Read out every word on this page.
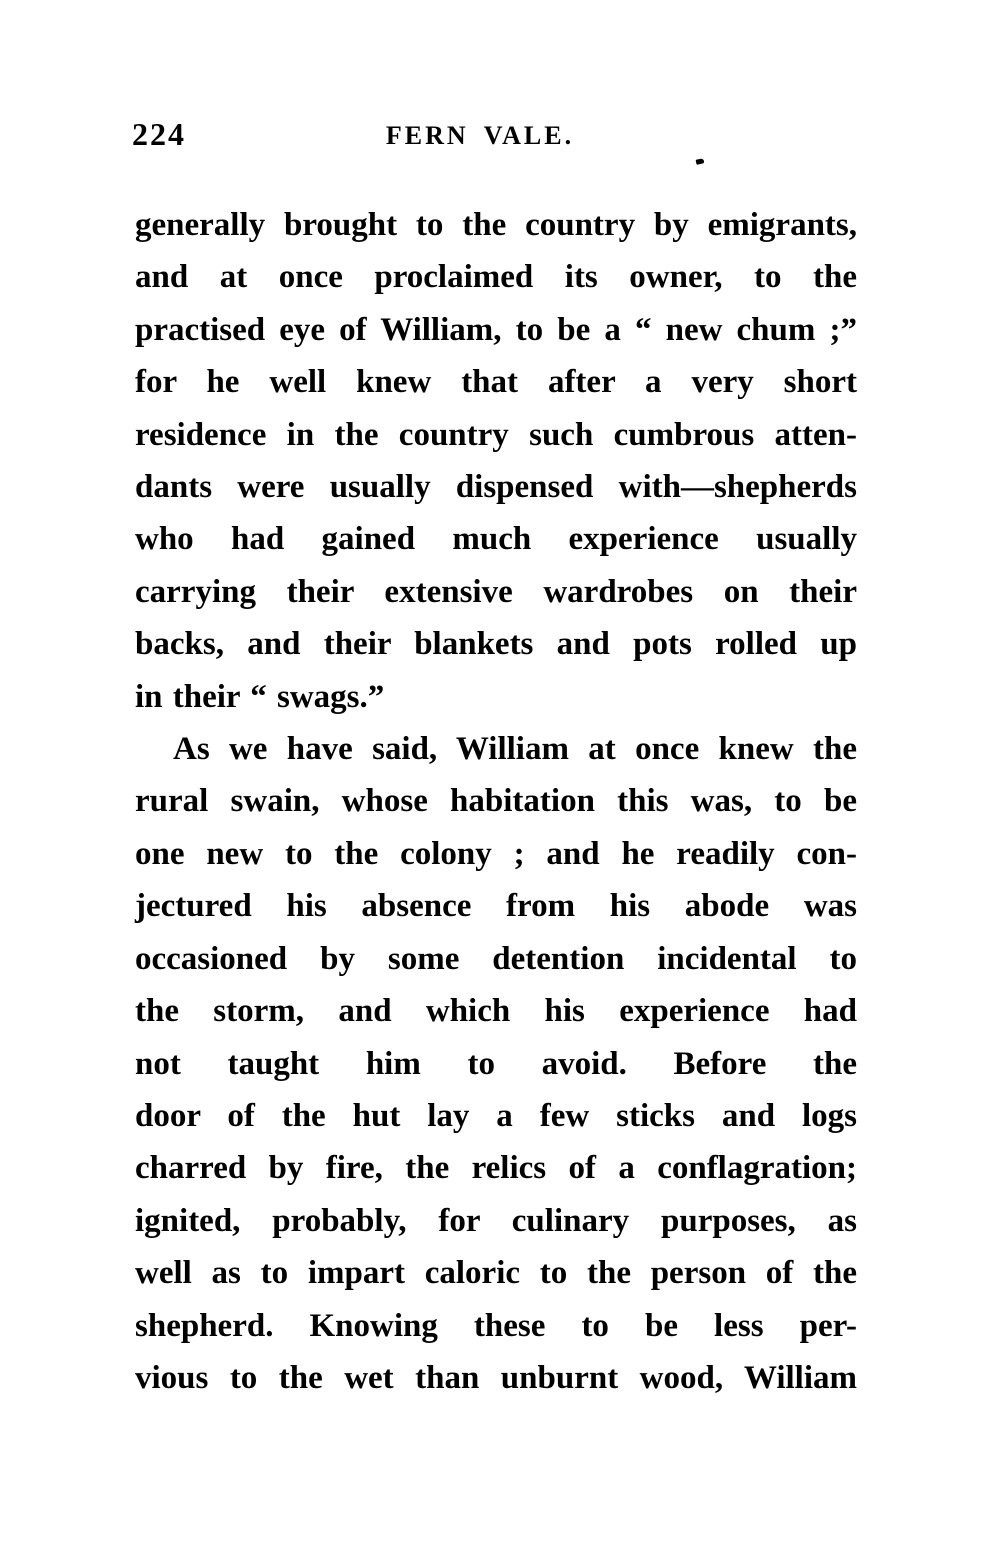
224	FERN VALE.
generally brought to the country by emigrants,
and at once proclaimed its owner, to the
practised eye of William, to be a “ new chum ;”
for he well knew that after a very short
residence in the country such cumbrous atten-
dants were usually dispensed with—shepherds
who had gained much experience usually
carrying their extensive wardrobes on their
backs, and their blankets and pots rolled up
in their “ swags.”
As we have said, William at once knew the
rural swain, whose habitation this was, to be
one new to the colony ; and he readily con-
jectured his absence from his abode was
occasioned by some detention incidental to
the storm, and which his experience had
not taught him to avoid. Before the
door of the hut lay a few sticks and logs
charred by fire, the relics of a conflagration;
ignited, probably, for culinary purposes, as
well as to impart caloric to the person of the
shepherd. Knowing these to be less per-
vious to the wet than unburnt wood, William
